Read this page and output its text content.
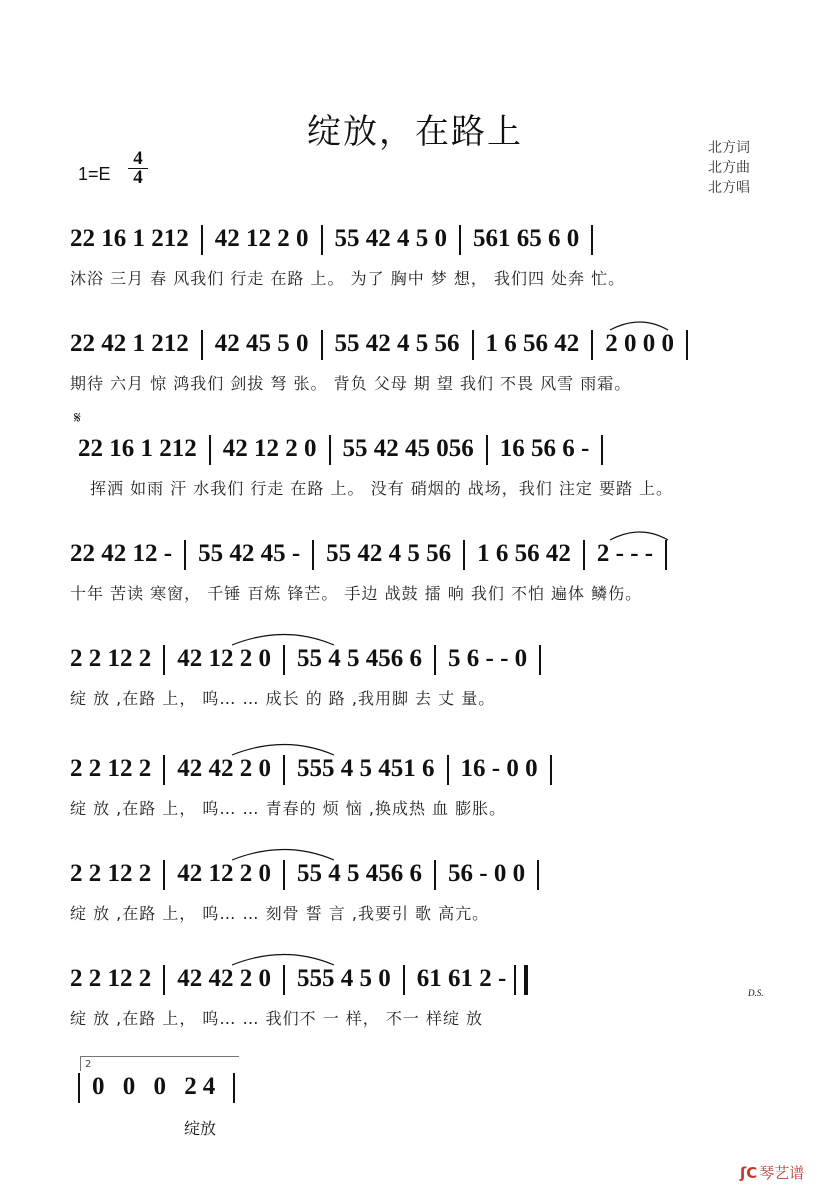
绽放，在路上	北方词
北方曲
北方唱
1=E
4
4
𝄋
22 16 1 212 42 12 2 0 55 42 4 5 0 561 65 6 0
沐浴 三月 春 风我们 行走 在路 上。 为了 胸中 梦 想， 我们四 处奔 忙。
22 42 1 212 42 45 5 0 55 42 4 5 56 1 6 56 42 2 0 0 0
期待 六月 惊 鸿我们 剑拔 弩 张。 背负 父母 期 望 我们 不畏 风雪 雨霜。
22 16 1 212 42 12 2 0 55 42 45 056 16 56 6 -
挥洒 如雨 汗 水我们 行走 在路 上。 没有 硝烟的 战场，我们 注定 要踏 上。
22 42 12 - 55 42 45 - 55 42 4 5 56 1 6 56 42 2 - - -
十年 苦读 寒窗， 千锤 百炼 锋芒。 手边 战鼓 擂 响 我们 不怕 遍体 鳞伤。
2 2 12 2 42 12 2 0 55 4 5 456 6 5 6 - - 0
绽 放 ,在路 上， 呜… … 成长 的 路 ,我用脚 去 丈 量。
2 2 12 2 42 42 2 0 555 4 5 451 6 16 - 0 0
绽 放 ,在路 上， 呜… … 青春的 烦 恼 ,换成热 血 膨胀。
2 2 12 2 42 12 2 0 55 4 5 456 6 56 - 0 0
绽 放 ,在路 上， 呜… … 刻骨 誓 言 ,我要引 歌 高亢。
2 2 12 2 42 42 2 0 555 4 5 0 61 61 2 -
绽 放 ,在路 上， 呜… … 我们不 一 样， 不一 样绽 放
D.S.
2
0 0 0 24
绽放
ʃC 琴艺谱
